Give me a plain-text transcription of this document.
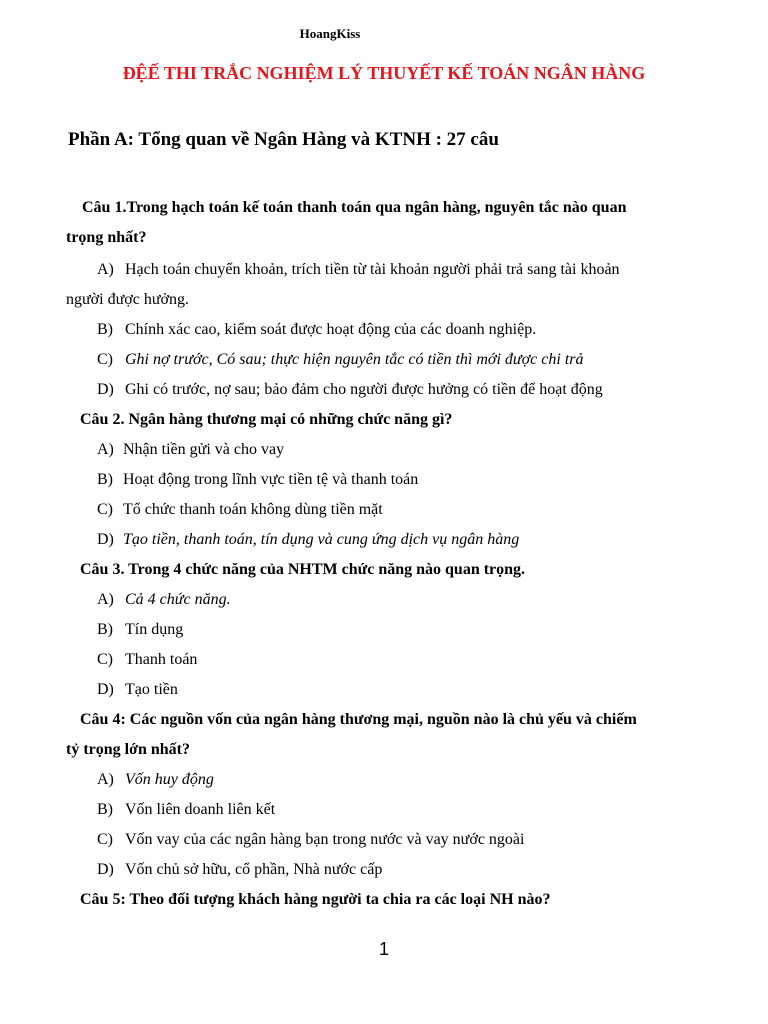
HoangKiss
ĐỆẾ THI TRẮC NGHIỆM LÝ THUYẾT KẾ TOÁN NGÂN HÀNG
Phần A: Tổng quan về Ngân Hàng và KTNH : 27 câu

Câu 1.Trong hạch toán kế toán thanh toán qua ngân hàng, nguyên tắc nào quan
trọng nhất?

A) Hạch toán chuyển khoản, trích tiền từ tài khoản người phải trả sang tài khoản
người được hưởng.

B) Chính xác cao, kiểm soát được hoạt động của các doanh nghiệp.

C) Ghi nợ trước, Có sau; thực hiện nguyên tắc có tiền thì mới được chi trả

D) Ghi có trước, nợ sau; bảo đảm cho người được hưởng có tiền để hoạt động

Câu 2. Ngân hàng thương mại có những chức năng gì?

A) Nhận tiền gửi và cho vay

B) Hoạt động trong lĩnh vực tiền tệ và thanh toán

C) Tổ chức thanh toán không dùng tiền mặt

D) Tạo tiền, thanh toán, tín dụng và cung ứng dịch vụ ngân hàng

Câu 3. Trong 4 chức năng của NHTM chức năng nào quan trọng.

A) Cả 4 chức năng.

B) Tín dụng

C) Thanh toán

D) Tạo tiền

Câu 4: Các nguồn vốn của ngân hàng thương mại, nguồn nào là chủ yếu và chiếm
tỷ trọng lớn nhất?

A) Vốn huy động

B) Vốn liên doanh liên kết

C) Vốn vay của các ngân hàng bạn trong nước và vay nước ngoài

D) Vốn chủ sở hữu, cổ phần, Nhà nước cấp

Câu 5: Theo đối tượng khách hàng người ta chia ra các loại NH nào?

1
